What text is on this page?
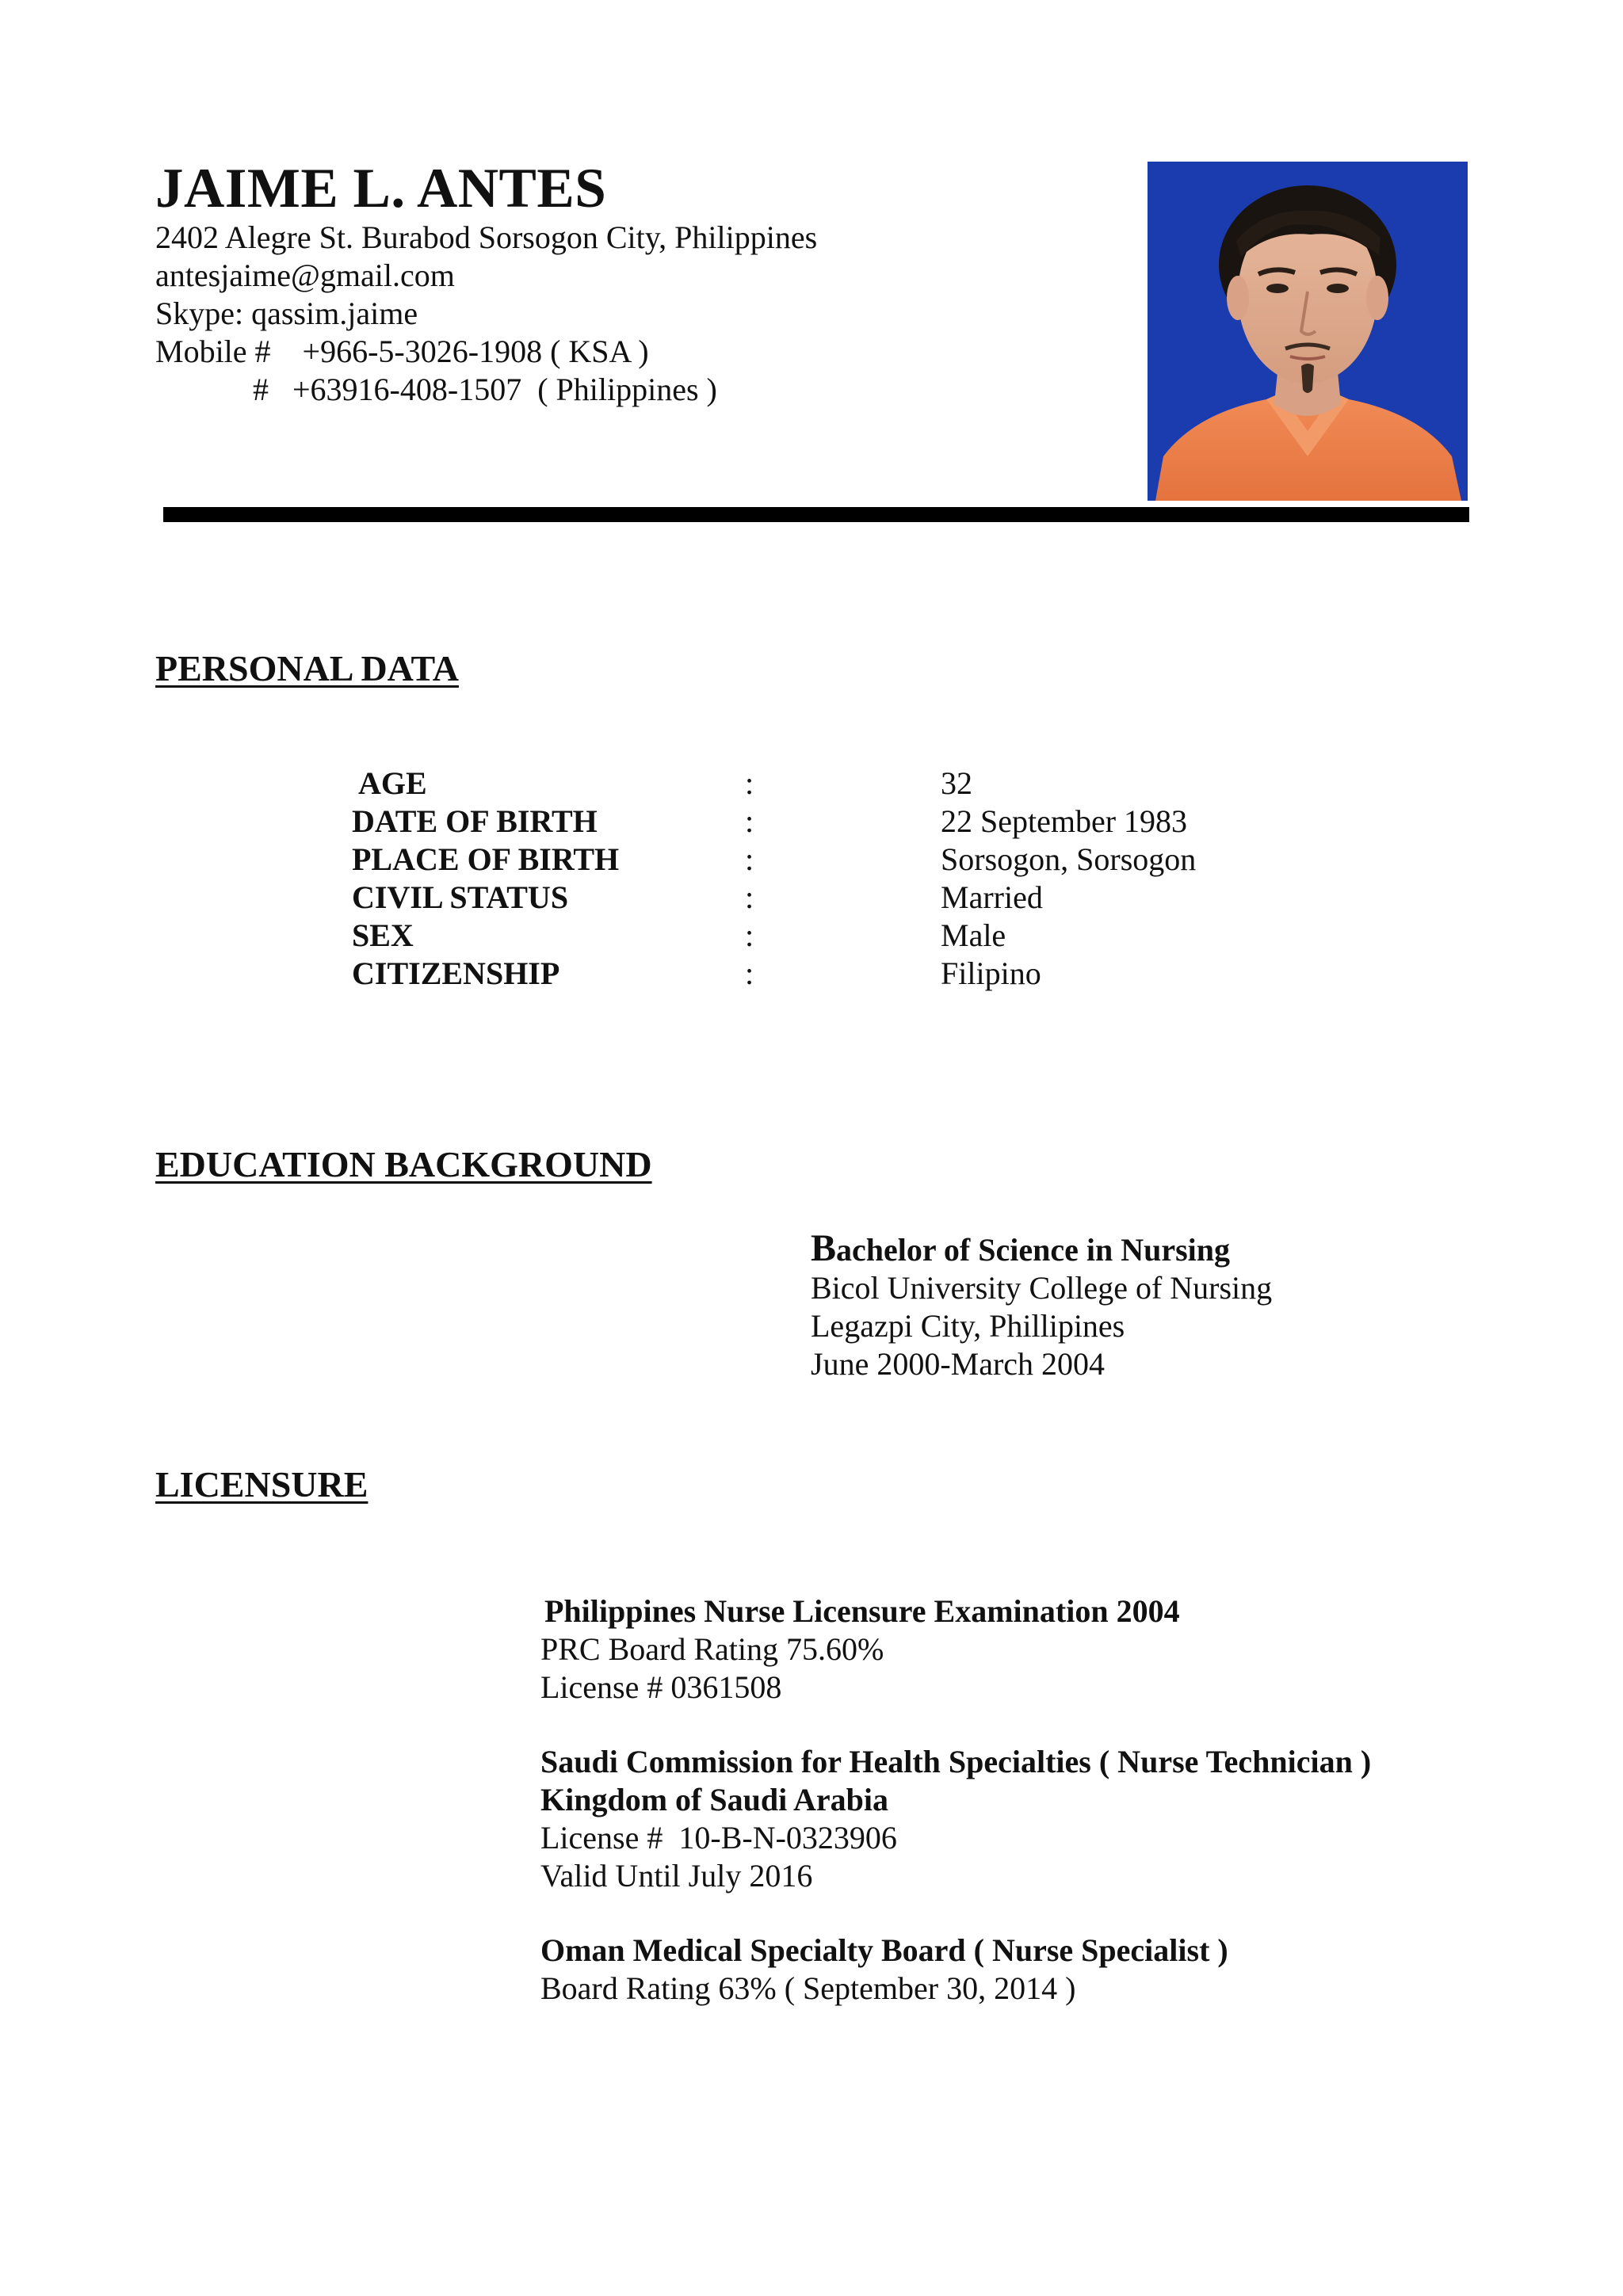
JAIME L. ANTES
2402 Alegre St. Burabod Sorsogon City, Philippines
antesjaime@gmail.com
Skype: qassim.jaime
Mobile #    +966-5-3026-1908 ( KSA )
#   +63916-408-1507  ( Philippines )
PERSONAL DATA
AGE	:	32
DATE OF BIRTH	:	22 September 1983
PLACE OF BIRTH	:	Sorsogon, Sorsogon
CIVIL STATUS	:	Married
SEX	:	Male
CITIZENSHIP	:	Filipino
EDUCATION BACKGROUND
Bachelor of Science in Nursing
Bicol University College of Nursing
Legazpi City, Phillipines
June 2000-March 2004
LICENSURE
Philippines Nurse Licensure Examination 2004
PRC Board Rating 75.60%
License # 0361508
Saudi Commission for Health Specialties ( Nurse Technician )
Kingdom of Saudi Arabia
License #  10-B-N-0323906
Valid Until July 2016
Oman Medical Specialty Board ( Nurse Specialist )
Board Rating 63% ( September 30, 2014 )
